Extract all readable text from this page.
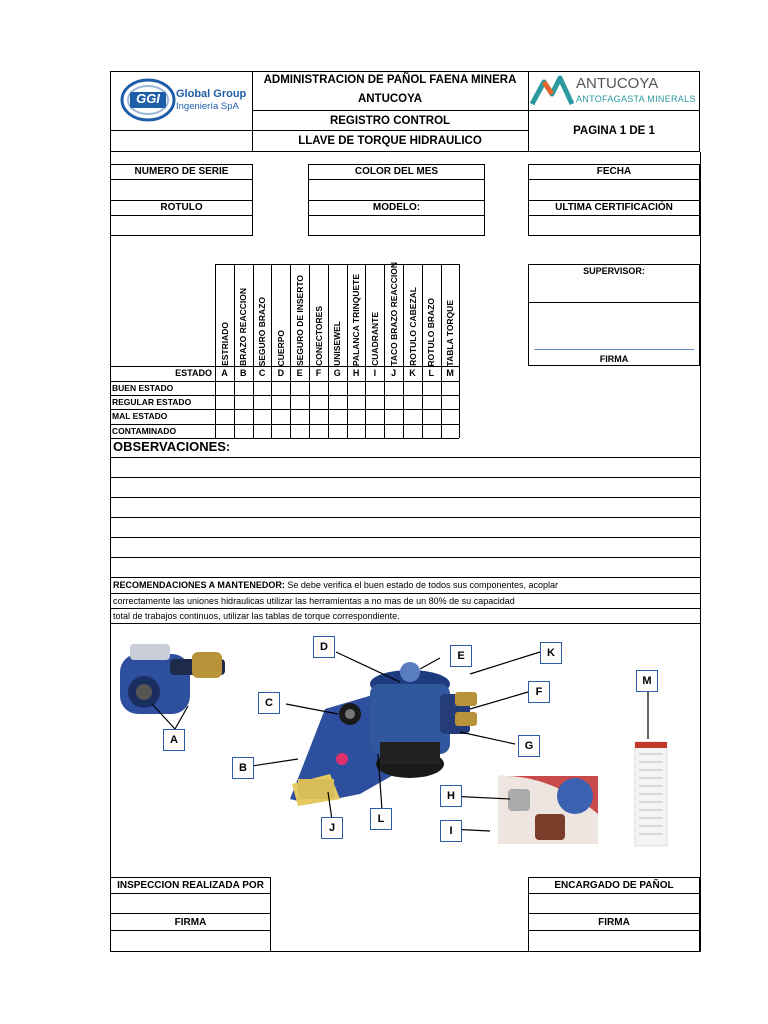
GGI	Global Group
Ingeniería SpA
ADMINISTRACION DE PAÑOL FAENA MINERA
ANTUCOYA
REGISTRO CONTROL
LLAVE DE TORQUE HIDRAULICO
ANTUCOYA
ANTOFAGASTA MINERALS
PAGINA 1 DE 1
NUMERO DE SERIE
ROTULO
COLOR DEL MES
MODELO:
FECHA
ULTIMA CERTIFICACIÓN
SUPERVISOR:
FIRMA
ESTRIADO
A
BRAZO REACCION
B
SEGURO BRAZO
C
CUERPO
D
SEGURO DE INSERTO
E
CONECTORES
F
UNISEWEL
G
PALANCA TRINQUETE
H
CUADRANTE
I
TACO BRAZO REACCION
J
ROTULO CABEZAL
K
ROTULO BRAZO
L
TABLA TORQUE
M
ESTADO
BUEN ESTADO
REGULAR ESTADO
MAL ESTADO
CONTAMINADO
OBSERVACIONES:
RECOMENDACIONES A MANTENEDOR: Se debe verifica el buen estado de todos sus componentes, acoplar
correctamente las uniones hidraulicas utilizar las herramientas a no mas de un 80% de su capacidad
total de trabajos continuos, utilizar las tablas de torque correspondiente.
A
B
C
D
E
F
G
H
I
J
K
L
M
INSPECCION REALIZADA POR
FIRMA
ENCARGADO DE PAÑOL
FIRMA
